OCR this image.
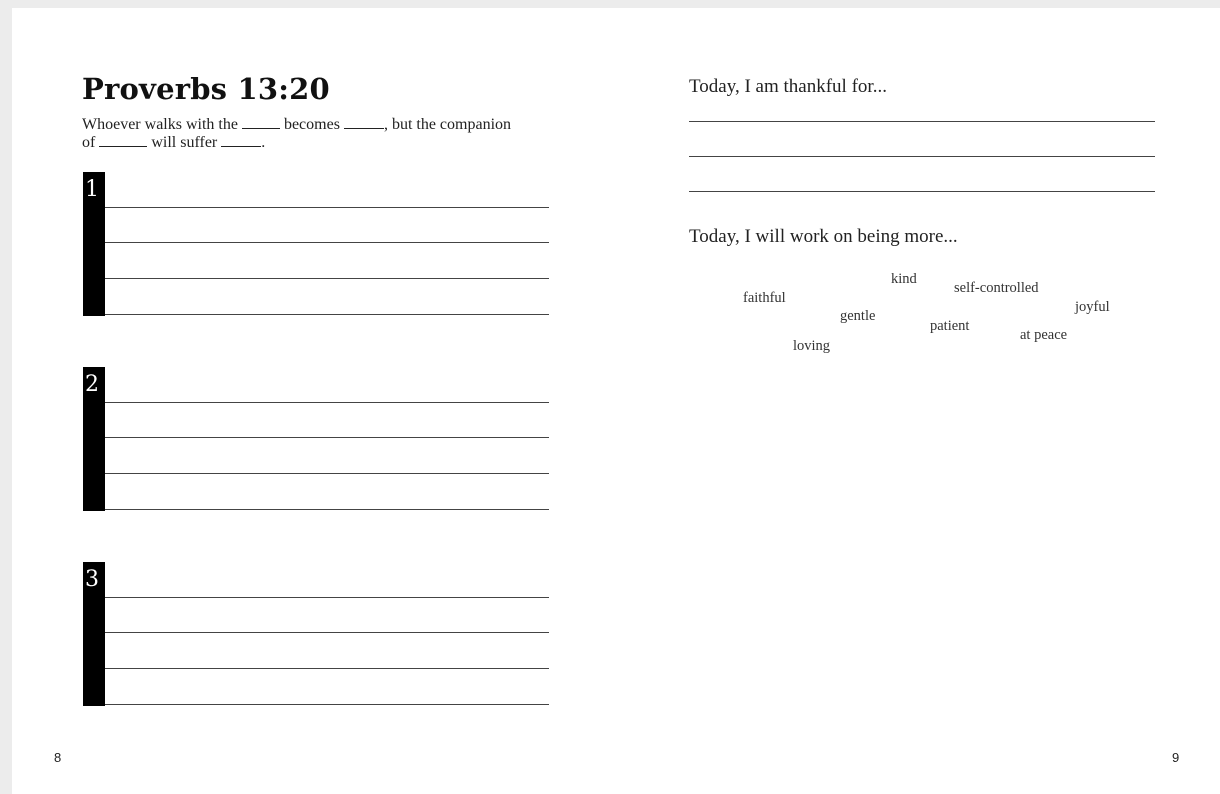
Proverbs 13:20
Whoever walks with the	becomes	, but the companion
of	will suffer	.
1
2
3
8
Today, I am thankful for...
Today, I will work on being more...
faithful
kind
self-controlled
joyful
gentle
patient
at peace
loving
9
